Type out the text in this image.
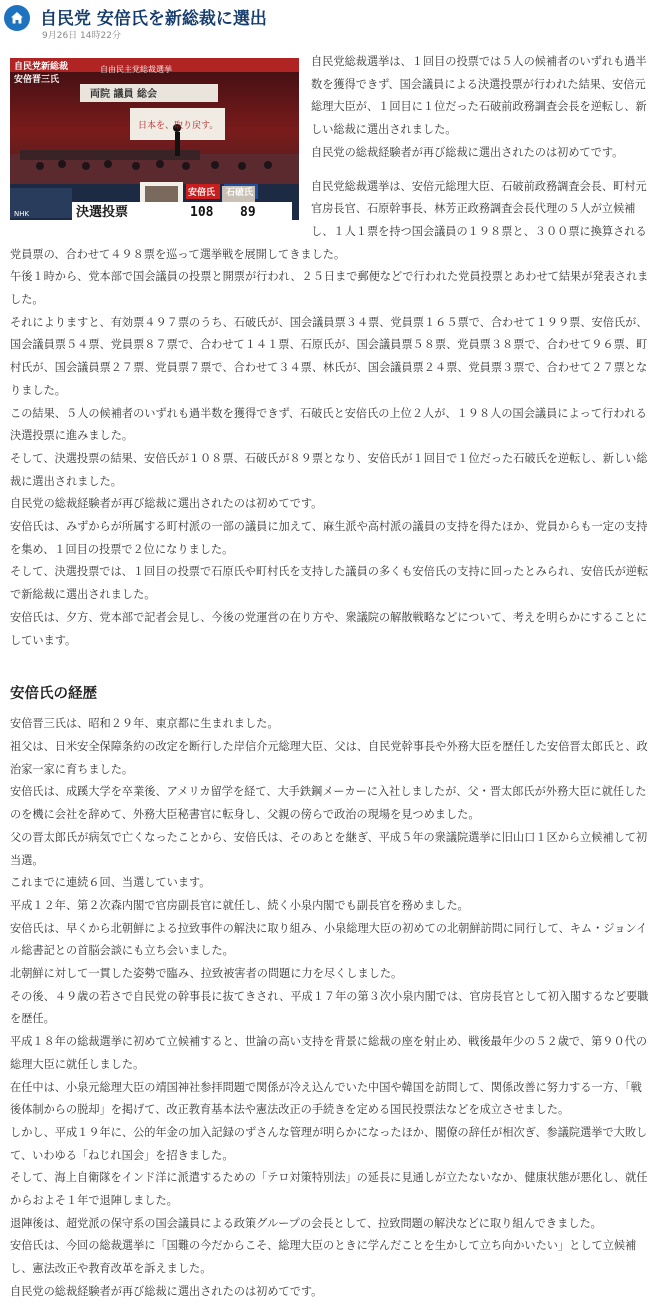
自民党 安倍氏を新総裁に選出
9月26日 14時22分
自民党新総裁
安倍晋三氏
自由民主党総裁選挙
両院 議員 総会
日本を、取り戻す。
安倍氏 石破氏
決選投票	108 89
NHK

自民党総裁選挙は、１回目の投票では５人の候補者のいずれも過半数を獲得できず、国会議員による決選投票が行われた結果、安倍元総理大臣が、１回目に１位だった石破前政務調査会長を逆転し、新しい総裁に選出されました。
自民党の総裁経験者が再び総裁に選出されたのは初めてです。

自民党総裁選挙は、安倍元総理大臣、石破前政務調査会長、町村元官房長官、石原幹事長、林芳正政務調査会長代理の５人が立候補し、１人１票を持つ国会議員の１９８票と、３００票に換算される党員票の、合わせて４９８票を巡って選挙戦を展開してきました。
午後１時から、党本部で国会議員の投票と開票が行われ、２５日まで郵便などで行われた党員投票とあわせて結果が発表されました。
それによりますと、有効票４９７票のうち、石破氏が、国会議員票３４票、党員票１６５票で、合わせて１９９票、安倍氏が、国会議員票５４票、党員票８７票で、合わせて１４１票、石原氏が、国会議員票５８票、党員票３８票で、合わせて９６票、町村氏が、国会議員票２７票、党員票７票で、合わせて３４票、林氏が、国会議員票２４票、党員票３票で、合わせて２７票となりました。
この結果、５人の候補者のいずれも過半数を獲得できず、石破氏と安倍氏の上位２人が、１９８人の国会議員によって行われる決選投票に進みました。
そして、決選投票の結果、安倍氏が１０８票、石破氏が８９票となり、安倍氏が１回目で１位だった石破氏を逆転し、新しい総裁に選出されました。
自民党の総裁経験者が再び総裁に選出されたのは初めてです。
安倍氏は、みずからが所属する町村派の一部の議員に加えて、麻生派や高村派の議員の支持を得たほか、党員からも一定の支持を集め、１回目の投票で２位になりました。
そして、決選投票では、１回目の投票で石原氏や町村氏を支持した議員の多くも安倍氏の支持に回ったとみられ、安倍氏が逆転で新総裁に選出されました。
安倍氏は、夕方、党本部で記者会見し、今後の党運営の在り方や、衆議院の解散戦略などについて、考えを明らかにすることにしています。

安倍氏の経歴

安倍晋三氏は、昭和２９年、東京都に生まれました。
祖父は、日米安全保障条約の改定を断行した岸信介元総理大臣、父は、自民党幹事長や外務大臣を歴任した安倍晋太郎氏と、政治家一家に育ちました。
安倍氏は、成蹊大学を卒業後、アメリカ留学を経て、大手鉄鋼メーカーに入社しましたが、父・晋太郎氏が外務大臣に就任したのを機に会社を辞めて、外務大臣秘書官に転身し、父親の傍らで政治の現場を見つめました。
父の晋太郎氏が病気で亡くなったことから、安倍氏は、そのあとを継ぎ、平成５年の衆議院選挙に旧山口１区から立候補して初当選。
これまでに連続６回、当選しています。
平成１２年、第２次森内閣で官房副長官に就任し、続く小泉内閣でも副長官を務めました。
安倍氏は、早くから北朝鮮による拉致事件の解決に取り組み、小泉総理大臣の初めての北朝鮮訪問に同行して、キム・ジョンイル総書記との首脳会談にも立ち会いました。
北朝鮮に対して一貫した姿勢で臨み、拉致被害者の問題に力を尽くしました。
その後、４９歳の若さで自民党の幹事長に抜てきされ、平成１７年の第３次小泉内閣では、官房長官として初入閣するなど要職を歴任。
平成１８年の総裁選挙に初めて立候補すると、世論の高い支持を背景に総裁の座を射止め、戦後最年少の５２歳で、第９０代の総理大臣に就任しました。
在任中は、小泉元総理大臣の靖国神社参拝問題で関係が冷え込んでいた中国や韓国を訪問して、関係改善に努力する一方、「戦後体制からの脱却」を掲げて、改正教育基本法や憲法改正の手続きを定める国民投票法などを成立させました。
しかし、平成１９年に、公的年金の加入記録のずさんな管理が明らかになったほか、閣僚の辞任が相次ぎ、参議院選挙で大敗して、いわゆる「ねじれ国会」を招きました。
そして、海上自衛隊をインド洋に派遣するための「テロ対策特別法」の延長に見通しが立たないなか、健康状態が悪化し、就任からおよそ１年で退陣しました。
退陣後は、超党派の保守系の国会議員による政策グループの会長として、拉致問題の解決などに取り組んできました。
安倍氏は、今回の総裁選挙に「国難の今だからこそ、総理大臣のときに学んだことを生かして立ち向かいたい」として立候補し、憲法改正や教育改革を訴えました。
自民党の総裁経験者が再び総裁に選出されたのは初めてです。
